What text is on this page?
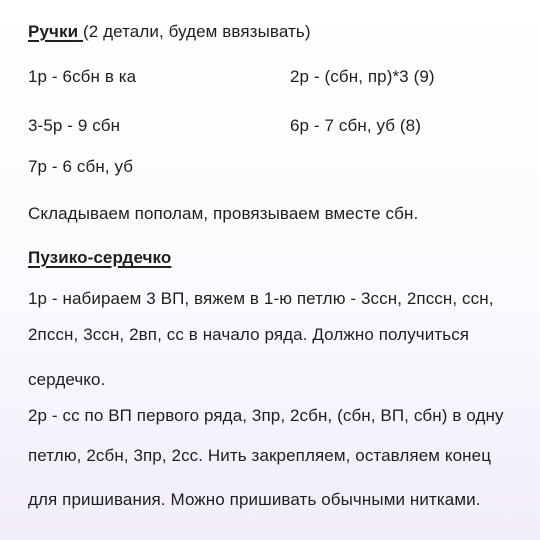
Ручки (2 детали, будем ввязывать)
1р - 6сбн в ка	2р - (сбн, пр)*3 (9)
3-5р - 9 сбн	6р - 7 сбн, уб (8)
7р - 6 сбн, уб
Складываем пополам, провязываем вместе сбн.
Пузико-сердечко
1р - набираем 3 ВП, вяжем в 1-ю петлю - 3ссн, 2пссн, ссн,
2пссн, 3ссн, 2вп, сс в начало ряда. Должно получиться
сердечко.
2р - сс по ВП первого ряда, 3пр, 2сбн, (сбн, ВП, сбн) в одну
петлю, 2сбн, 3пр, 2сс. Нить закрепляем, оставляем конец
для пришивания. Можно пришивать обычными нитками.
